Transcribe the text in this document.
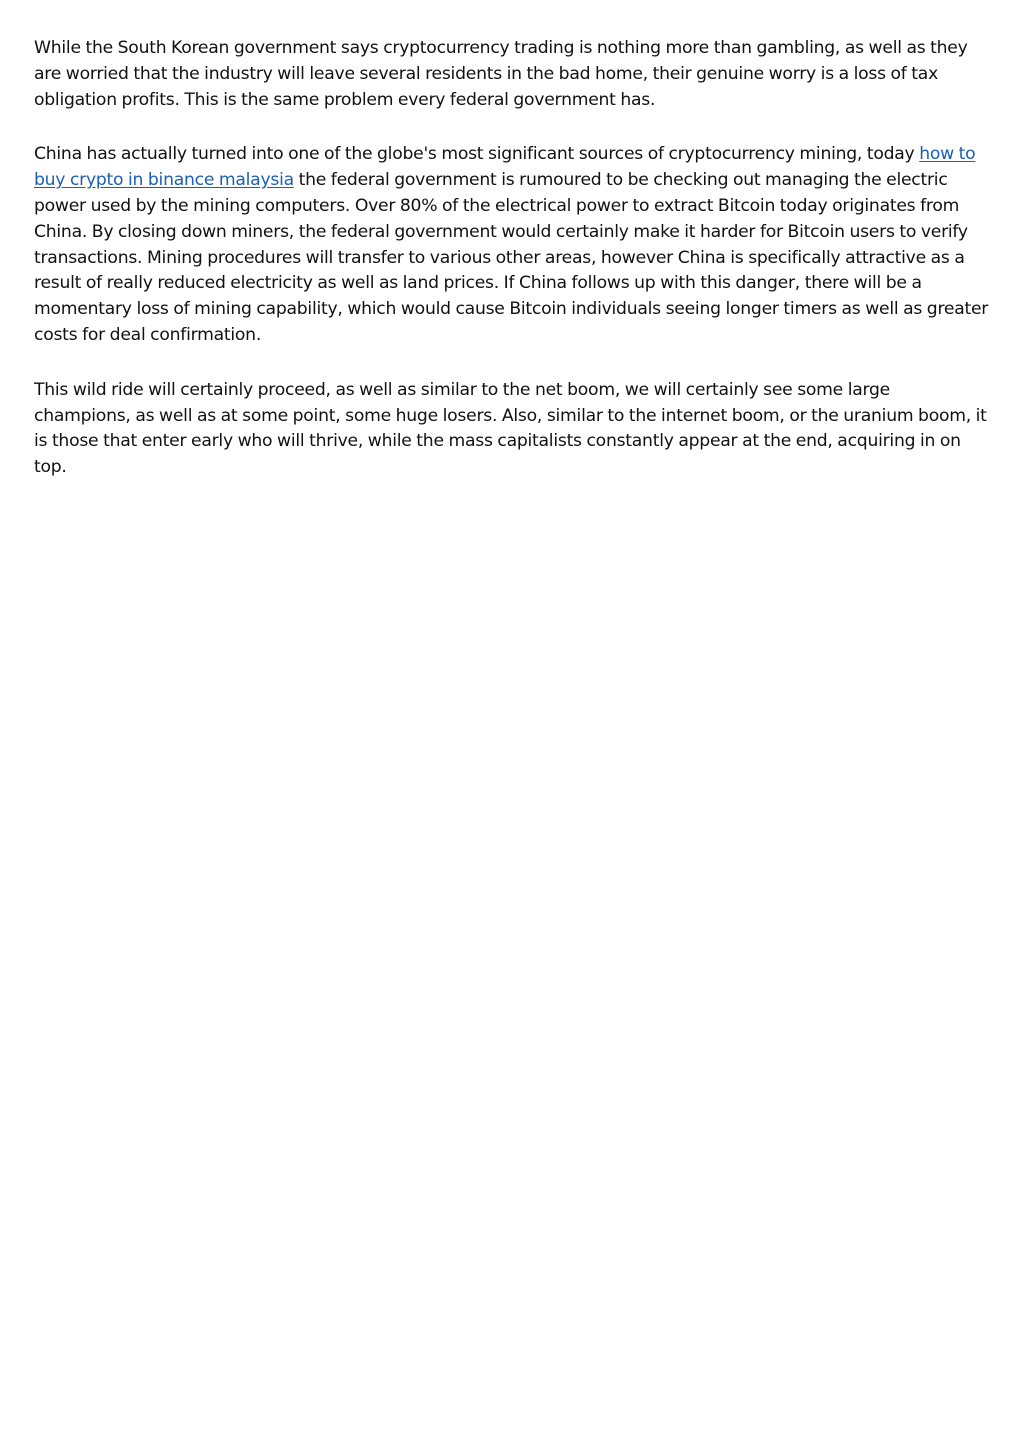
While the South Korean government says cryptocurrency trading is nothing more than gambling, as well as they are worried that the industry will leave several residents in the bad home, their genuine worry is a loss of tax obligation profits. This is the same problem every federal government has.

China has actually turned into one of the globe's most significant sources of cryptocurrency mining, today how to buy crypto in binance malaysia the federal government is rumoured to be checking out managing the electric power used by the mining computers. Over 80% of the electrical power to extract Bitcoin today originates from China. By closing down miners, the federal government would certainly make it harder for Bitcoin users to verify transactions. Mining procedures will transfer to various other areas, however China is specifically attractive as a result of really reduced electricity as well as land prices. If China follows up with this danger, there will be a momentary loss of mining capability, which would cause Bitcoin individuals seeing longer timers as well as greater costs for deal confirmation.

This wild ride will certainly proceed, as well as similar to the net boom, we will certainly see some large champions, as well as at some point, some huge losers. Also, similar to the internet boom, or the uranium boom, it is those that enter early who will thrive, while the mass capitalists constantly appear at the end, acquiring in on top.
